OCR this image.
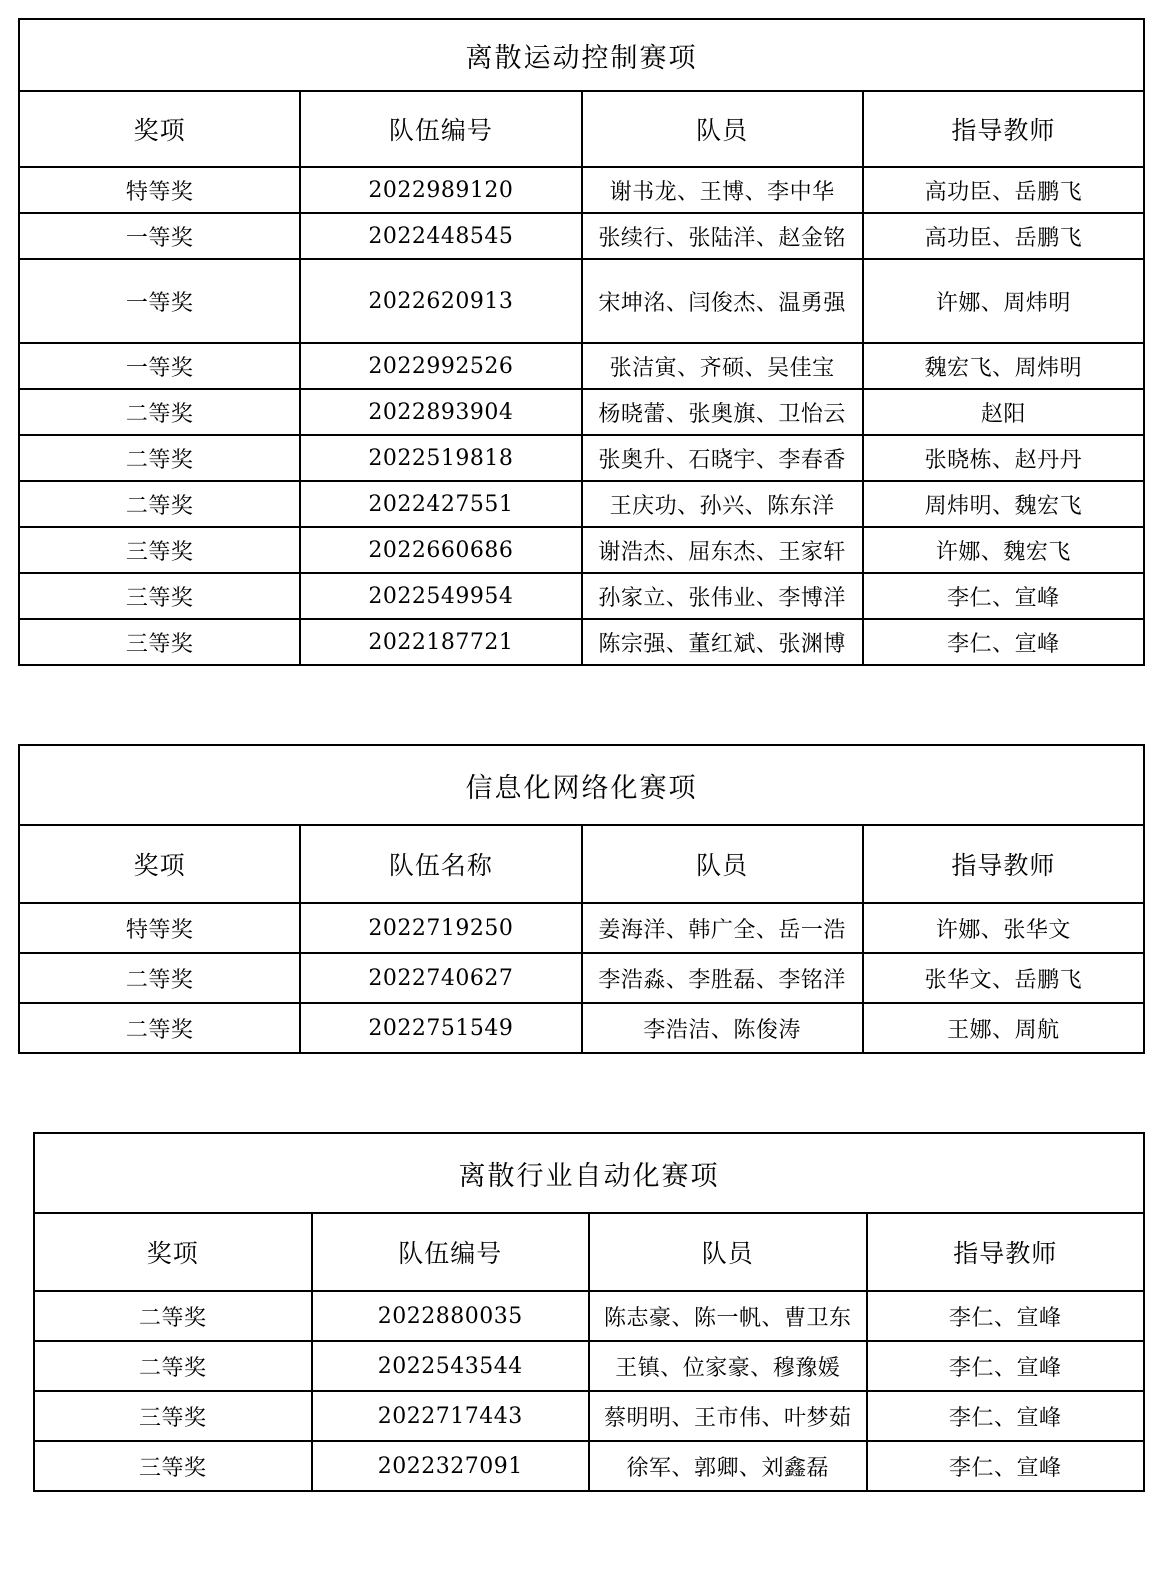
离散运动控制赛项			
奖项	队伍编号	队员	指导教师
特等奖	2022989120	谢书龙、王博、李中华	高功臣、岳鹏飞
一等奖	2022448545	张续行、张陆洋、赵金铭	高功臣、岳鹏飞
一等奖	2022620913	宋坤洺、闫俊杰、温勇强	许娜、周炜明
一等奖	2022992526	张洁寅、齐硕、吴佳宝	魏宏飞、周炜明
二等奖	2022893904	杨晓蕾、张奥旗、卫怡云	赵阳
二等奖	2022519818	张奥升、石晓宇、李春香	张晓栋、赵丹丹
二等奖	2022427551	王庆功、孙兴、陈东洋	周炜明、魏宏飞
三等奖	2022660686	谢浩杰、屈东杰、王家轩	许娜、魏宏飞
三等奖	2022549954	孙家立、张伟业、李博洋	李仁、宣峰
三等奖	2022187721	陈宗强、董红斌、张渊博	李仁、宣峰
信息化网络化赛项			
奖项	队伍名称	队员	指导教师
特等奖	2022719250	姜海洋、韩广全、岳一浩	许娜、张华文
二等奖	2022740627	李浩淼、李胜磊、李铭洋	张华文、岳鹏飞
二等奖	2022751549	李浩洁、陈俊涛	王娜、周航
离散行业自动化赛项			
奖项	队伍编号	队员	指导教师
二等奖	2022880035	陈志豪、陈一帆、曹卫东	李仁、宣峰
二等奖	2022543544	王镇、位家豪、穆豫媛	李仁、宣峰
三等奖	2022717443	蔡明明、王市伟、叶梦茹	李仁、宣峰
三等奖	2022327091	徐军、郭卿、刘鑫磊	李仁、宣峰
